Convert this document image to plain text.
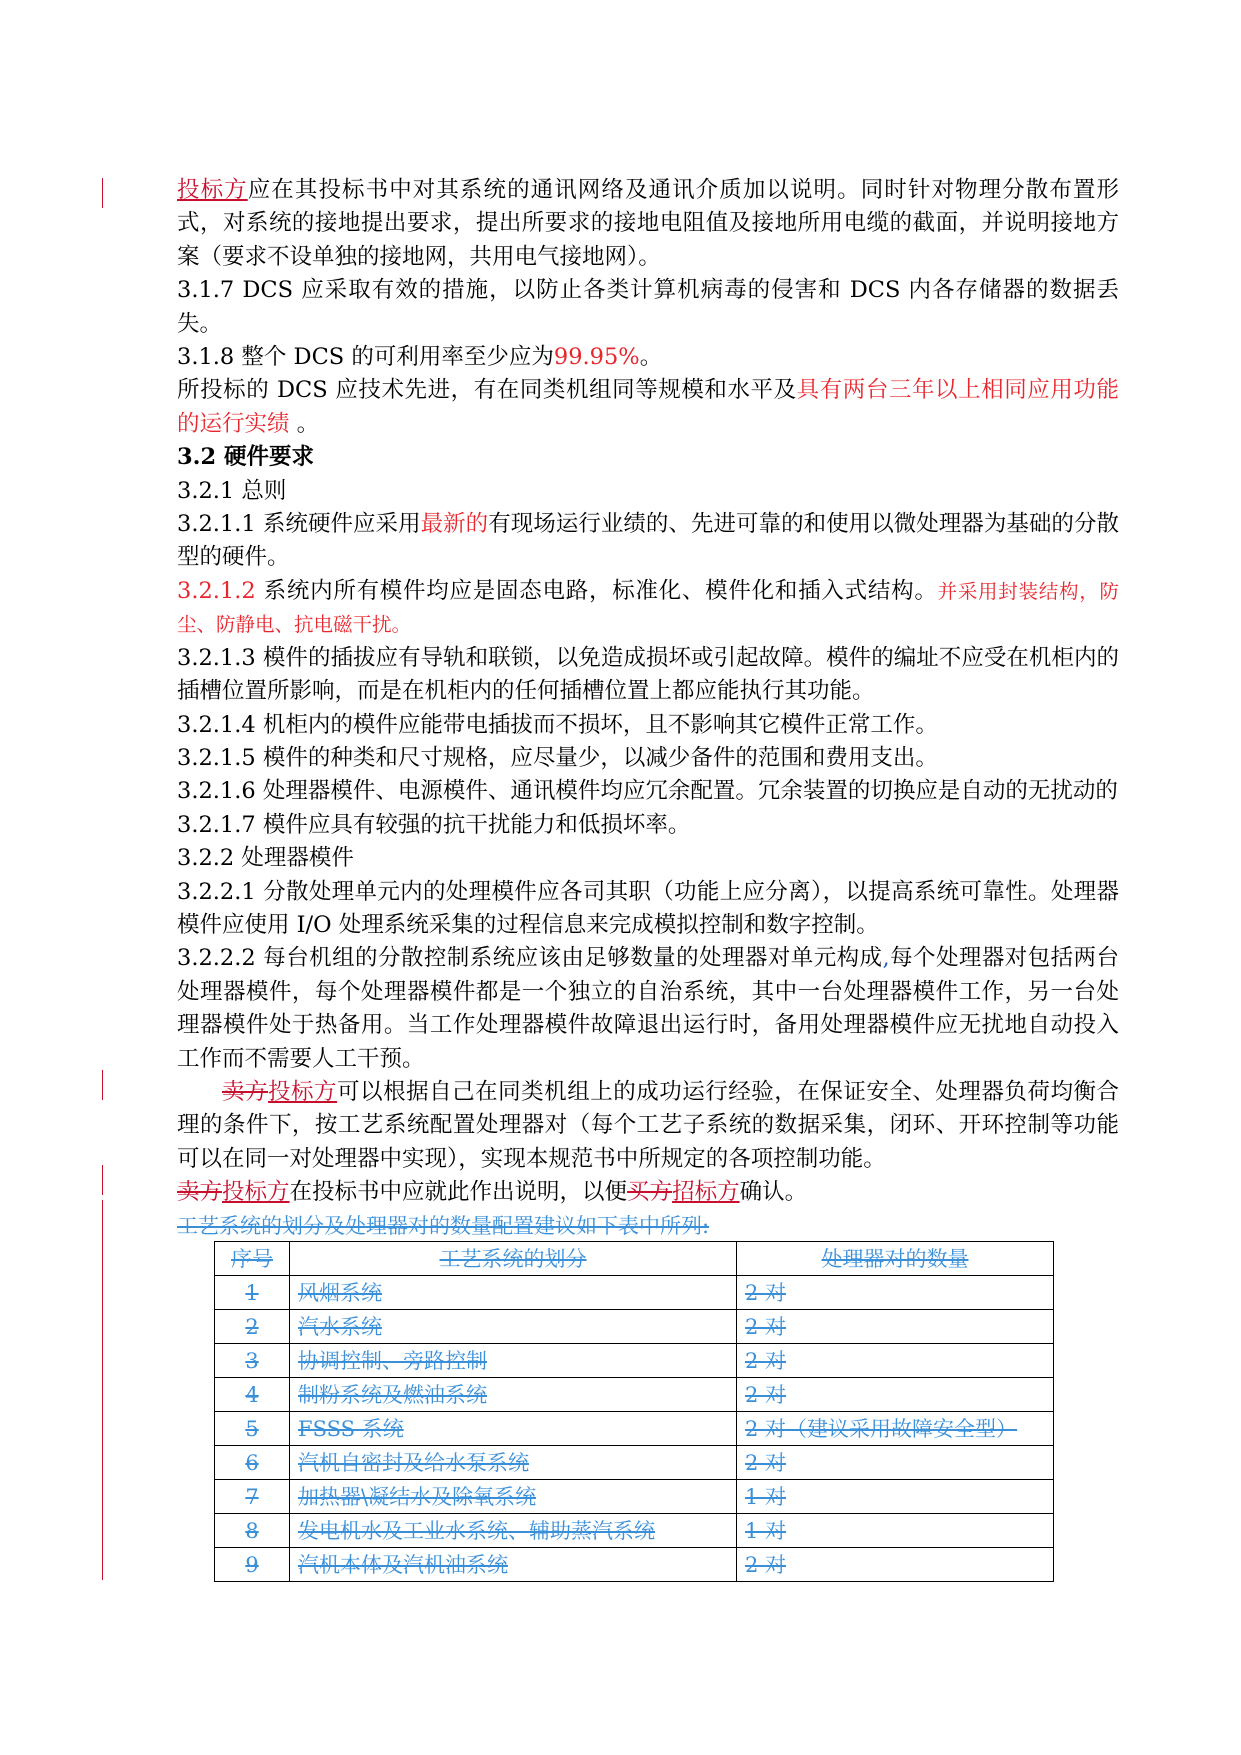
投标方应在其投标书中对其系统的通讯网络及通讯介质加以说明。同时针对物理分散布置形式，对系统的接地提出要求，提出所要求的接地电阻值及接地所用电缆的截面，并说明接地方案（要求不设单独的接地网，共用电气接地网）。

3.1.7 DCS 应采取有效的措施，以防止各类计算机病毒的侵害和 DCS 内各存储器的数据丢失。

3.1.8 整个 DCS 的可利用率至少应为99.95%。

所投标的 DCS 应技术先进，有在同类机组同等规模和水平及具有两台三年以上相同应用功能的运行实绩 。

3.2 硬件要求

3.2.1 总则

3.2.1.1 系统硬件应采用最新的有现场运行业绩的、先进可靠的和使用以微处理器为基础的分散型的硬件。

3.2.1.2 系统内所有模件均应是固态电路，标准化、模件化和插入式结构。并采用封装结构，防尘、防静电、抗电磁干扰。

3.2.1.3 模件的插拔应有导轨和联锁，以免造成损坏或引起故障。模件的编址不应受在机柜内的插槽位置所影响，而是在机柜内的任何插槽位置上都应能执行其功能。

3.2.1.4 机柜内的模件应能带电插拔而不损坏，且不影响其它模件正常工作。

3.2.1.5 模件的种类和尺寸规格，应尽量少，以减少备件的范围和费用支出。

3.2.1.6 处理器模件、电源模件、通讯模件均应冗余配置。冗余装置的切换应是自动的无扰动的

3.2.1.7 模件应具有较强的抗干扰能力和低损坏率。

3.2.2 处理器模件

3.2.2.1 分散处理单元内的处理模件应各司其职（功能上应分离），以提高系统可靠性。处理器模件应使用 I/O 处理系统采集的过程信息来完成模拟控制和数字控制。

3.2.2.2 每台机组的分散控制系统应该由足够数量的处理器对单元构成,每个处理器对包括两台处理器模件，每个处理器模件都是一个独立的自治系统，其中一台处理器模件工作，另一台处理器模件处于热备用。当工作处理器模件故障退出运行时，备用处理器模件应无扰地自动投入工作而不需要人工干预。

卖方投标方可以根据自己在同类机组上的成功运行经验，在保证安全、处理器负荷均衡合理的条件下，按工艺系统配置处理器对（每个工艺子系统的数据采集，闭环、开环控制等功能可以在同一对处理器中实现），实现本规范书中所规定的各项控制功能。

卖方投标方在投标书中应就此作出说明，以便买方招标方确认。

工艺系统的划分及处理器对的数量配置建议如下表中所列:

序号	工艺系统的划分	处理器对的数量
1	风烟系统	2 对
2	汽水系统	2 对
3	协调控制、旁路控制	2 对
4	制粉系统及燃油系统	2 对
5	FSSS 系统	2 对（建议采用故障安全型）
6	汽机自密封及给水泵系统	2 对
7	加热器\凝结水及除氧系统	1 对
8	发电机水及工业水系统、辅助蒸汽系统	1 对
9	汽机本体及汽机油系统	2 对
